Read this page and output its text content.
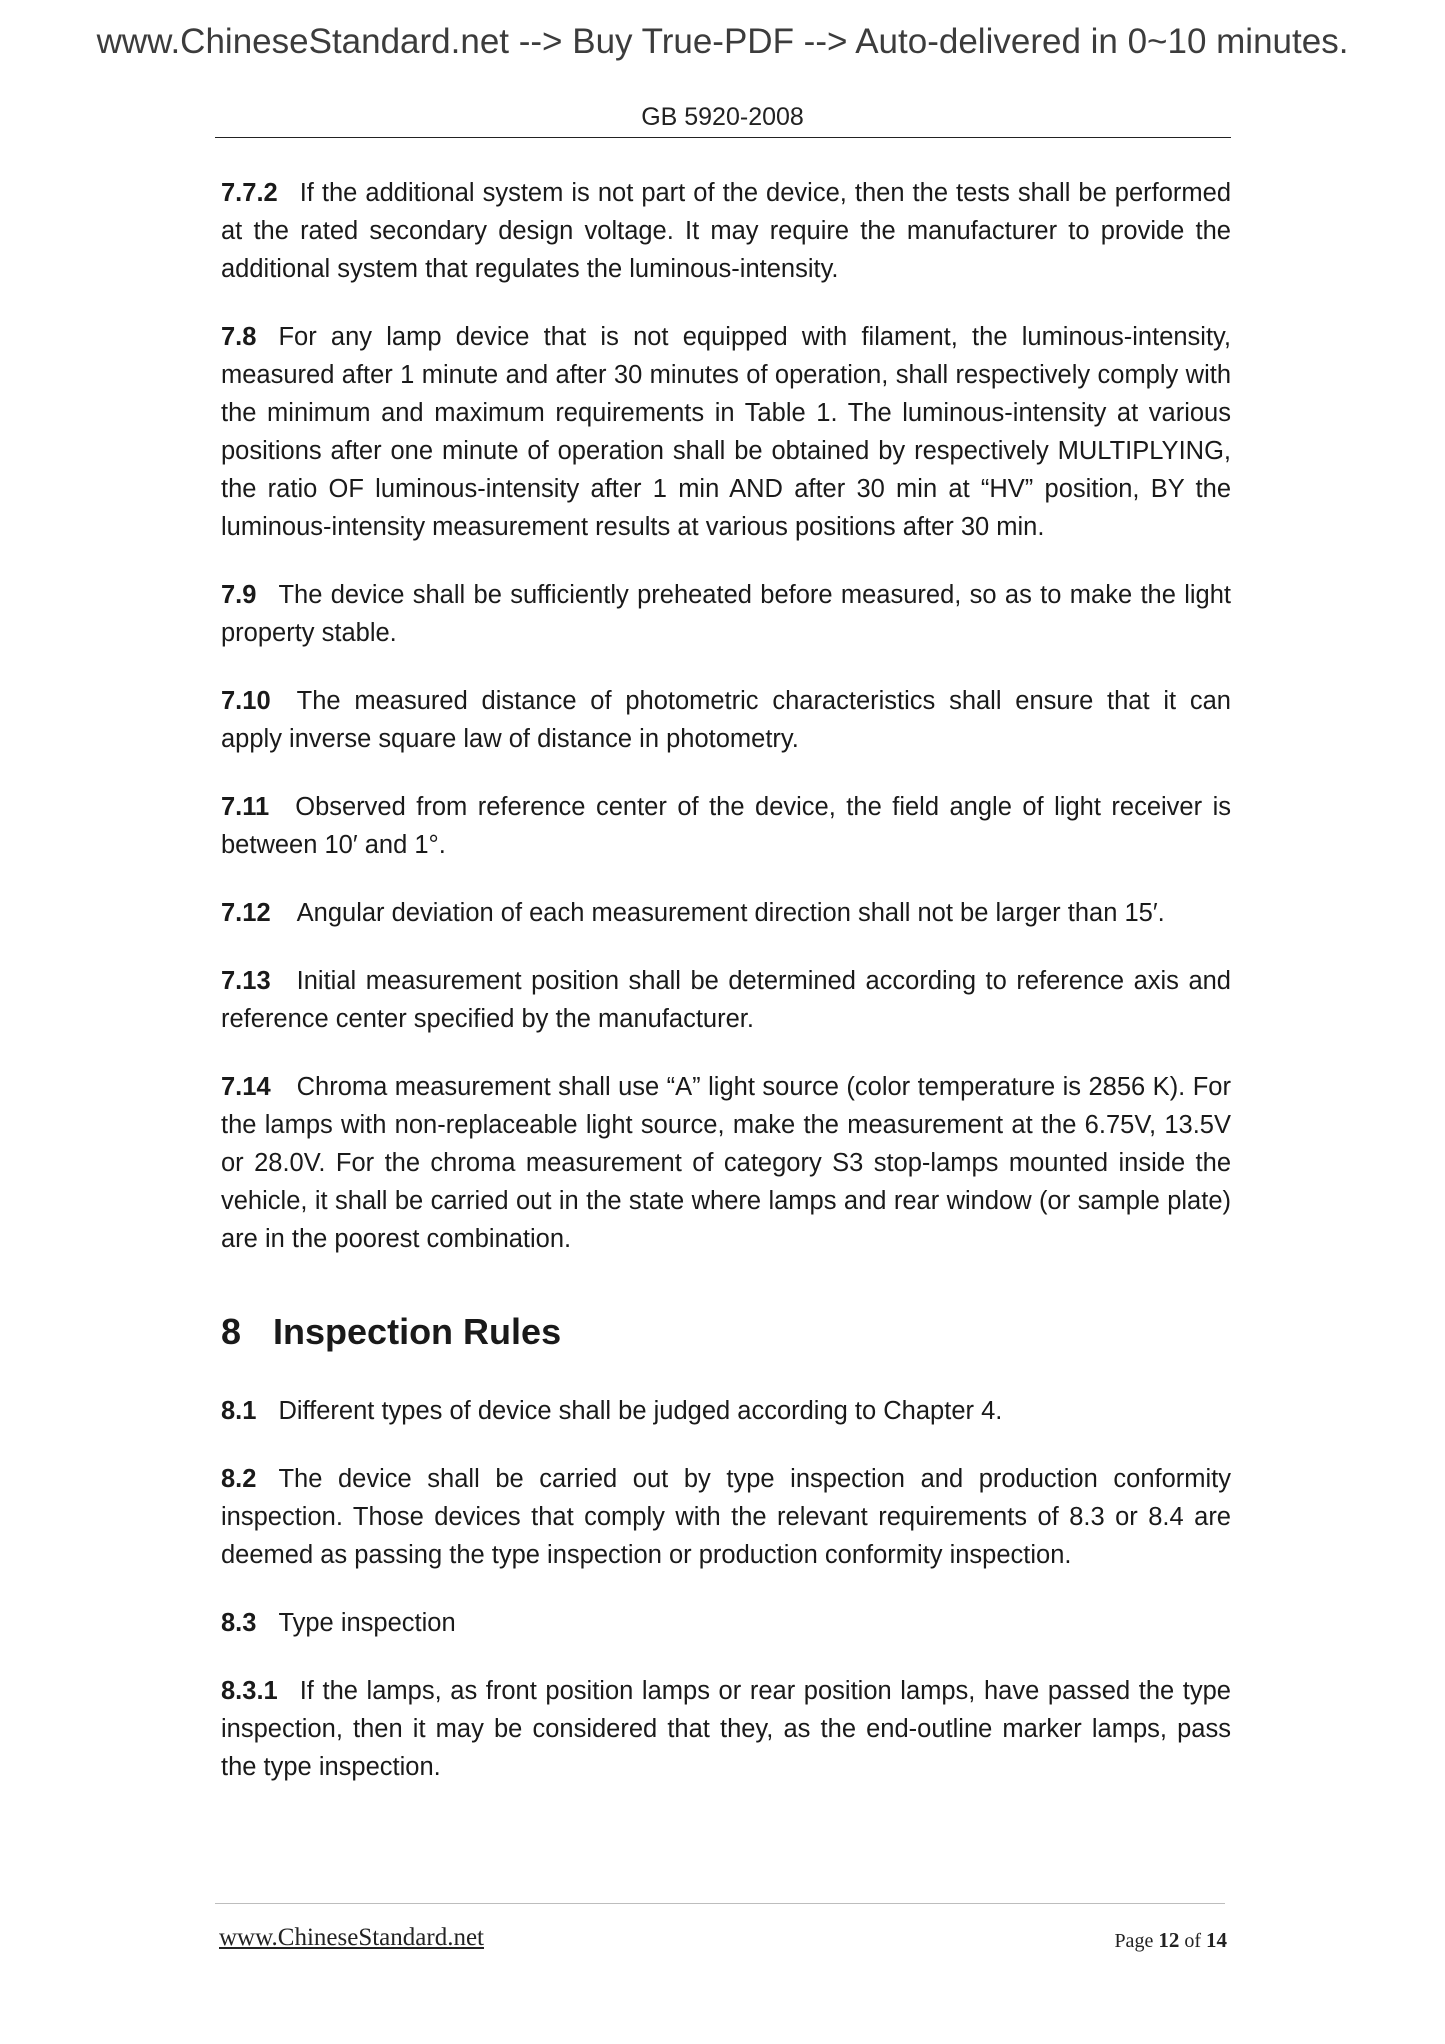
www.ChineseStandard.net --> Buy True-PDF --> Auto-delivered in 0~10 minutes.
GB 5920-2008

7.7.2 If the additional system is not part of the device, then the tests shall be performed at the rated secondary design voltage. It may require the manufacturer to provide the additional system that regulates the luminous-intensity.

7.8 For any lamp device that is not equipped with filament, the luminous-intensity, measured after 1 minute and after 30 minutes of operation, shall respectively comply with the minimum and maximum requirements in Table 1. The luminous-intensity at various positions after one minute of operation shall be obtained by respectively MULTIPLYING, the ratio OF luminous-intensity after 1 min AND after 30 min at “HV” position, BY the luminous-intensity measurement results at various positions after 30 min.

7.9 The device shall be sufficiently preheated before measured, so as to make the light property stable.

7.10 The measured distance of photometric characteristics shall ensure that it can apply inverse square law of distance in photometry.

7.11 Observed from reference center of the device, the field angle of light receiver is between 10′ and 1°.

7.12 Angular deviation of each measurement direction shall not be larger than 15′.

7.13 Initial measurement position shall be determined according to reference axis and reference center specified by the manufacturer.

7.14 Chroma measurement shall use “A” light source (color temperature is 2856 K). For the lamps with non-replaceable light source, make the measurement at the 6.75V, 13.5V or 28.0V. For the chroma measurement of category S3 stop-lamps mounted inside the vehicle, it shall be carried out in the state where lamps and rear window (or sample plate) are in the poorest combination.

8 Inspection Rules

8.1 Different types of device shall be judged according to Chapter 4.

8.2 The device shall be carried out by type inspection and production conformity inspection. Those devices that comply with the relevant requirements of 8.3 or 8.4 are deemed as passing the type inspection or production conformity inspection.

8.3 Type inspection

8.3.1 If the lamps, as front position lamps or rear position lamps, have passed the type inspection, then it may be considered that they, as the end-outline marker lamps, pass the type inspection.

www.ChineseStandard.net	Page 12 of 14
